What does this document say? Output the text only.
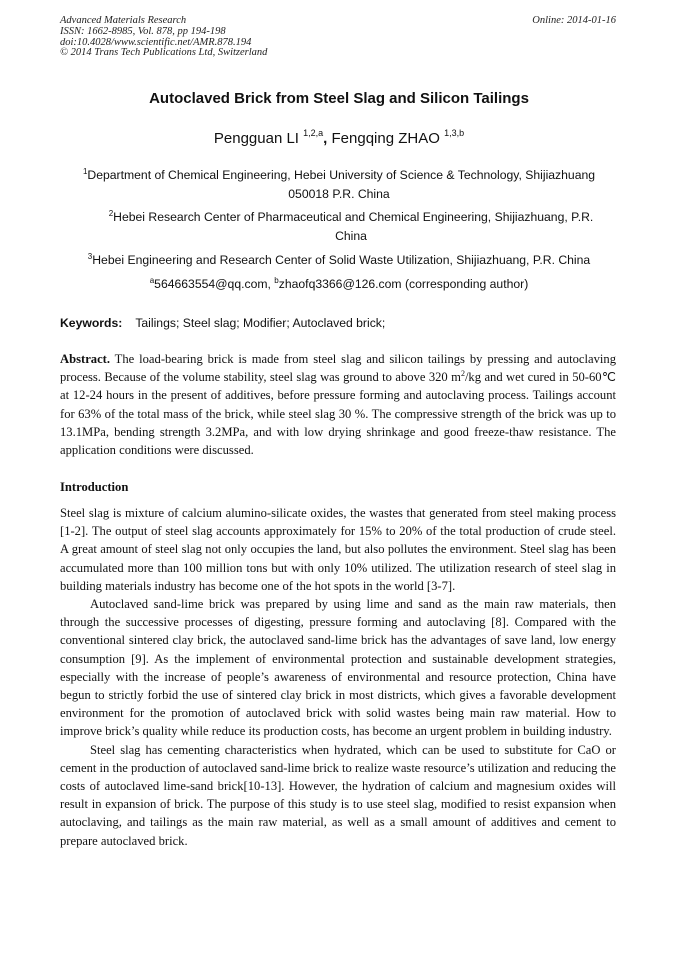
Advanced Materials Research
ISSN: 1662-8985, Vol. 878, pp 194-198
doi:10.4028/www.scientific.net/AMR.878.194
© 2014 Trans Tech Publications Ltd, Switzerland
Online: 2014-01-16
Autoclaved Brick from Steel Slag and Silicon Tailings
Pengguan LI $^{1,2,a}$, Fengqing ZHAO $^{1,3,b}$
$^1$Department of Chemical Engineering, Hebei University of Science & Technology, Shijiazhuang 050018 P.R. China
$^2$Hebei Research Center of Pharmaceutical and Chemical Engineering, Shijiazhuang, P.R. China
$^3$Hebei Engineering and Research Center of Solid Waste Utilization, Shijiazhuang, P.R. China
$^a$564663554@qq.com, $^b$zhaofq3366@126.com (corresponding author)
Keywords: Tailings; Steel slag; Modifier; Autoclaved brick;
Abstract. The load-bearing brick is made from steel slag and silicon tailings by pressing and autoclaving process. Because of the volume stability, steel slag was ground to above 320 $m^2/kg$ and wet cured in 50-60℃ at 12-24 hours in the present of additives, before pressure forming and autoclaving process. Tailings account for 63% of the total mass of the brick, while steel slag 30 %. The compressive strength of the brick was up to 13.1MPa, bending strength 3.2MPa, and with low drying shrinkage and good freeze-thaw resistance. The application conditions were discussed.
Introduction

Steel slag is mixture of calcium alumino-silicate oxides, the wastes that generated from steel making process [1-2]. The output of steel slag accounts approximately for 15% to 20% of the total production of crude steel. A great amount of steel slag not only occupies the land, but also pollutes the environment. Steel slag has been accumulated more than 100 million tons but with only 10% utilized. The utilization research of steel slag in building materials industry has become one of the hot spots in the world [3-7].

Autoclaved sand-lime brick was prepared by using lime and sand as the main raw materials, then through the successive processes of digesting, pressure forming and autoclaving [8]. Compared with the conventional sintered clay brick, the autoclaved sand-lime brick has the advantages of save land, low energy consumption [9]. As the implement of environmental protection and sustainable development strategies, especially with the increase of people’s awareness of environmental and resource protection, China have begun to strictly forbid the use of sintered clay brick in most districts, which gives a favorable development environment for the promotion of autoclaved brick with solid wastes being main raw material. How to improve brick’s quality while reduce its production costs, has become an urgent problem in building industry.

Steel slag has cementing characteristics when hydrated, which can be used to substitute for CaO or cement in the production of autoclaved sand-lime brick to realize waste resource’s utilization and reducing the costs of autoclaved lime-sand brick[10-13]. However, the hydration of calcium and magnesium oxides will result in expansion of brick. The purpose of this study is to use steel slag, modified to resist expansion when autoclaving, and tailings as the main raw material, as well as a small amount of additives and cement to prepare autoclaved brick.
